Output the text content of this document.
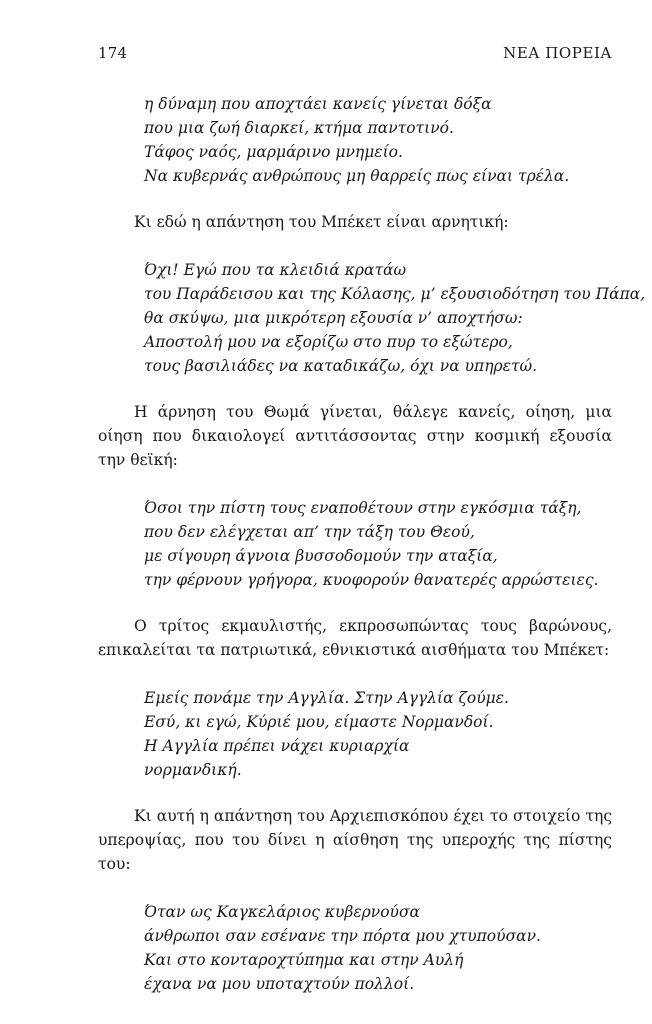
174	ΝΕΑ ΠΟΡΕΙΑ
η δύναμη που αποχτάει κανείς γίνεται δόξα
που μια ζωή διαρκεί, κτήμα παντοτινό.
Τάφος ναός, μαρμάρινο μνημείο.
Να κυβερνάς ανθρώπους μη θαρρείς πως είναι τρέλα.

Κι εδώ η απάντηση του Μπέκετ είναι αρνητική:

Όχι! Εγώ που τα κλειδιά κρατάω
του Παράδεισου και της Κόλασης, μ’ εξουσιοδότηση του Πάπα,
θα σκύψω, μια μικρότερη εξουσία ν’ αποχτήσω:
Αποστολή μου να εξορίζω στο πυρ το εξώτερο,
τους βασιλιάδες να καταδικάζω, όχι να υπηρετώ.

Η άρνηση του Θωμά γίνεται, θάλεγε κανείς, οίηση, μια οίηση που δικαιολογεί αντιτάσσοντας στην κοσμική εξουσία την θεϊκή:

Όσοι την πίστη τους εναποθέτουν στην εγκόσμια τάξη,
που δεν ελέγχεται απ’ την τάξη του Θεού,
με σίγουρη άγνοια βυσσοδομούν την αταξία,
την φέρνουν γρήγορα, κυοφορούν θανατερές αρρώστειες.

Ο τρίτος εκμαυλιστής, εκπροσωπώντας τους βαρώνους, επικαλείται τα πατριωτικά, εθνικιστικά αισθήματα του Μπέκετ:

Εμείς πονάμε την Αγγλία. Στην Αγγλία ζούμε.
Εσύ, κι εγώ, Κύριέ μου, είμαστε Νορμανδοί.
Η Αγγλία πρέπει νάχει κυριαρχία
νορμανδική.

Κι αυτή η απάντηση του Αρχιεπισκόπου έχει το στοιχείο της υπεροψίας, που του δίνει η αίσθηση της υπεροχής της πίστης του:

Όταν ως Καγκελάριος κυβερνούσα
άνθρωποι σαν εσένανε την πόρτα μου χτυπούσαν.
Και στο κονταροχτύπημα και στην Αυλή
έχανα να μου υποταχτούν πολλοί.
